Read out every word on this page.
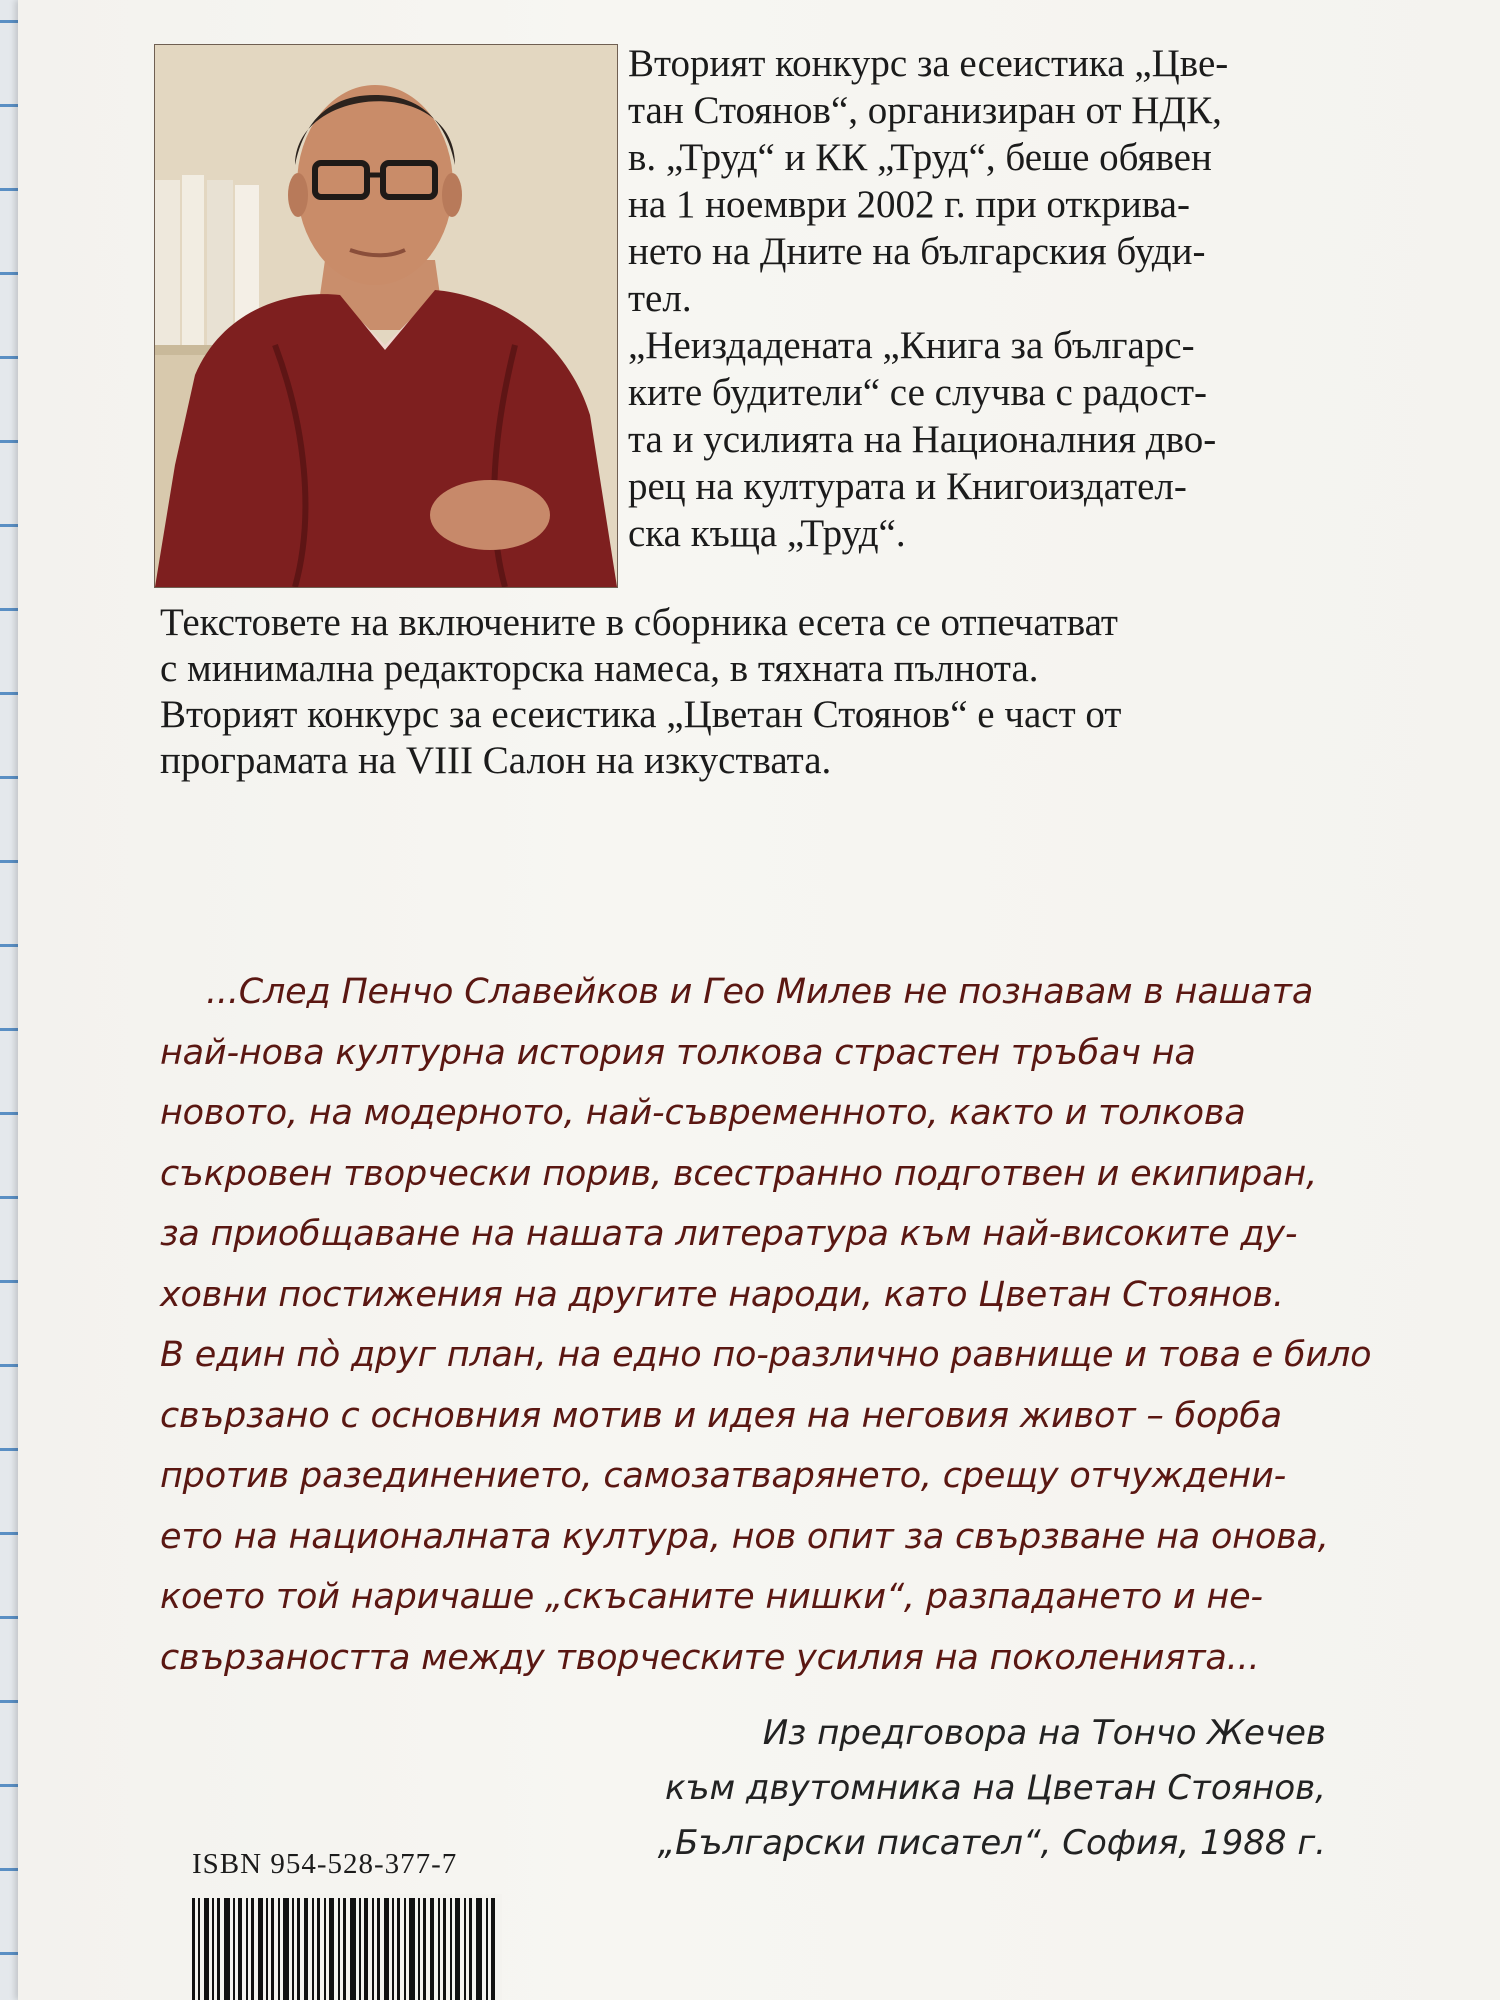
Вторият конкурс за есеистика „Цве-
тан Стоянов“, организиран от НДК,
в. „Труд“ и КК „Труд“, беше обявен
на 1 ноември 2002 г. при открива-
нето на Дните на българския буди-
тел.
„Неиздадената „Книга за българс-
ките будители“ се случва с радост-
та и усилията на Националния дво-
рец на културата и Книгоиздател-
ска къща „Труд“.
Текстовете на включените в сборника есета се отпечатват
с минимална редакторска намеса, в тяхната пълнота.
Вторият конкурс за есеистика „Цветан Стоянов“ е част от
програмата на VIII Салон на изкуствата.
...След Пенчо Славейков и Гео Милев не познавам в нашата
най-нова културна история толкова страстен тръбач на
новото, на модерното, най-съвременното, както и толкова
съкровен творчески порив, всестранно подготвен и екипиран,
за приобщаване на нашата литература към най-високите ду-
ховни постижения на другите народи, като Цветан Стоянов.
В един пò друг план, на едно по-различно равнище и това е било
свързано с основния мотив и идея на неговия живот – борба
против разединението, самозатварянето, срещу отчуждени-
ето на националната култура, нов опит за свързване на онова,
което той наричаше „скъсаните нишки“, разпадането и не-
свързаността между творческите усилия на поколенията...
Из предговора на Тончо Жечев
към двутомника на Цветан Стоянов,
„Български писател“, София, 1988 г.
ISBN 954-528-377-7
